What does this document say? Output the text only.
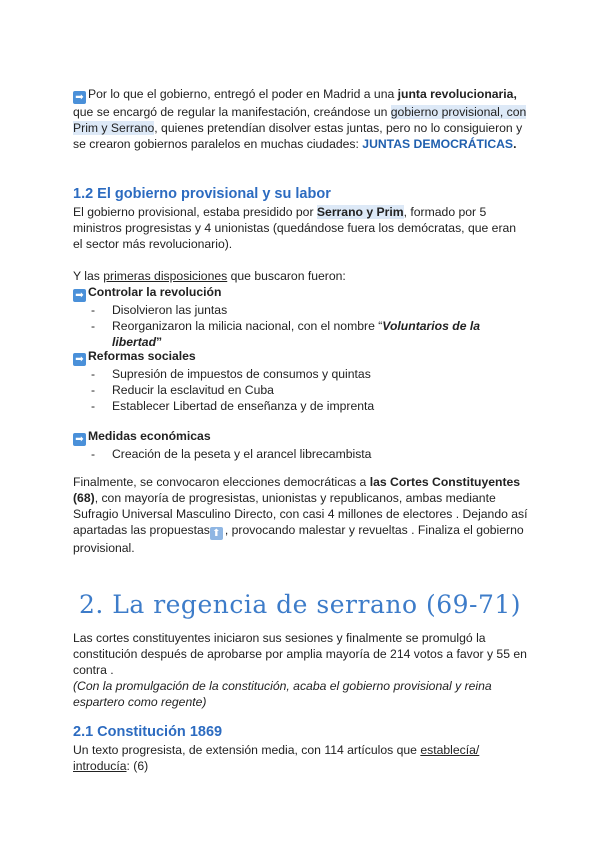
➡ Por lo que el gobierno, entregó el poder en Madrid a una junta revolucionaria, que se encargó de regular la manifestación, creándose un gobierno provisional, con Prim y Serrano, quienes pretendían disolver estas juntas, pero no lo consiguieron y se crearon gobiernos paralelos en muchas ciudades: JUNTAS DEMOCRÁTICAS.
1.2 El gobierno provisional y su labor
El gobierno provisional, estaba presidido por Serrano y Prim, formado por 5 ministros progresistas y 4 unionistas (quedándose fuera los demócratas, que eran el sector más revolucionario).
Y las primeras disposiciones que buscaron fueron:
➡ Controlar la revolución
- Disolvieron las juntas
- Reorganizaron la milicia nacional, con el nombre “Voluntarios de la libertad”
➡ Reformas sociales
- Supresión de impuestos de consumos y quintas
- Reducir la esclavitud en Cuba
- Establecer Libertad de enseñanza y de imprenta
➡ Medidas económicas
- Creación de la peseta y el arancel librecambista
Finalmente, se convocaron elecciones democráticas a las Cortes Constituyentes (68), con mayoría de progresistas, unionistas y republicanos, ambas mediante Sufragio Universal Masculino Directo, con casi 4 millones de electores . Dejando así apartadas las propuestas ⬆ , provocando malestar y revueltas . Finaliza el gobierno provisional.
2. La regencia de serrano (69-71)
Las cortes constituyentes iniciaron sus sesiones y finalmente se promulgó la constitución después de aprobarse por amplia mayoría de 214 votos a favor y 55 en contra .
(Con la promulgación de la constitución, acaba el gobierno provisional y reina espartero como regente)
2.1 Constitución 1869
Un texto progresista, de extensión media, con 114 artículos que establecía/ introducía: (6)
